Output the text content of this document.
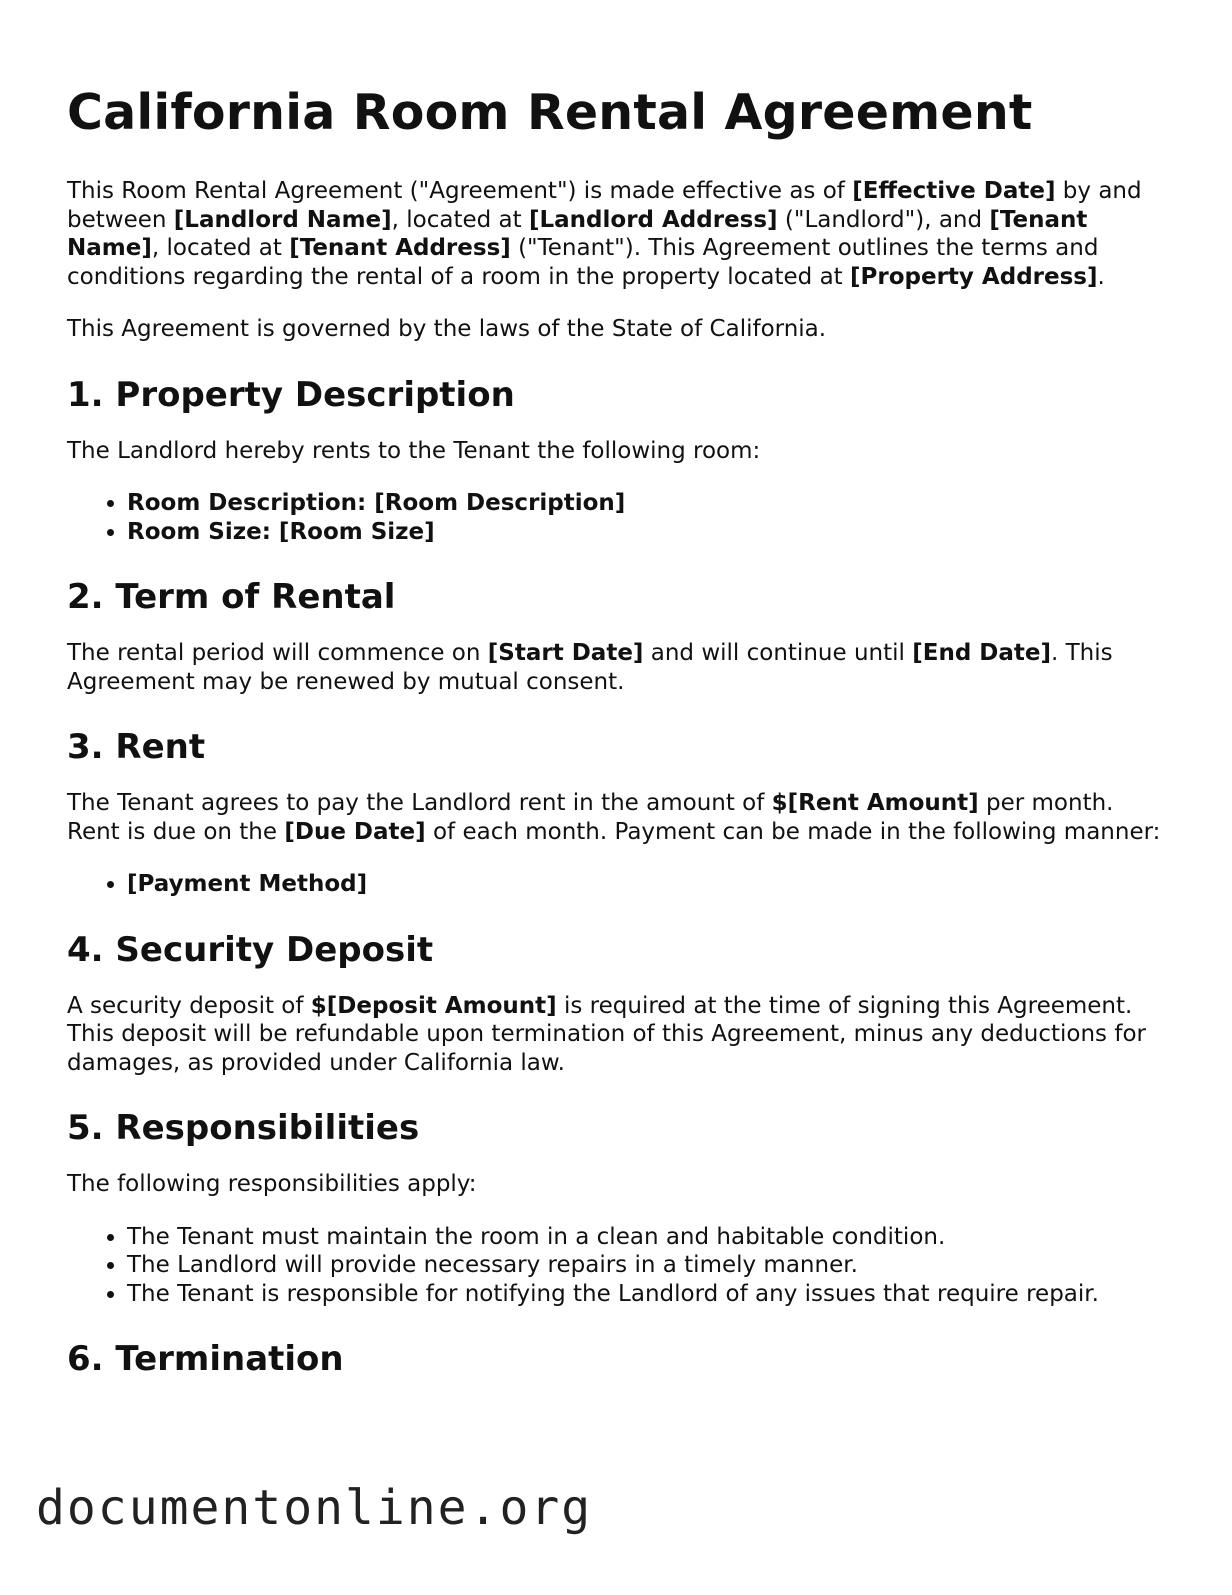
California Room Rental Agreement

This Room Rental Agreement ("Agreement") is made effective as of [Effective Date] by and between [Landlord Name], located at [Landlord Address] ("Landlord"), and [Tenant Name], located at [Tenant Address] ("Tenant"). This Agreement outlines the terms and conditions regarding the rental of a room in the property located at [Property Address].

This Agreement is governed by the laws of the State of California.

1. Property Description

The Landlord hereby rents to the Tenant the following room:

• Room Description: [Room Description]
• Room Size: [Room Size]
2. Term of Rental

The rental period will commence on [Start Date] and will continue until [End Date]. This Agreement may be renewed by mutual consent.

3. Rent

The Tenant agrees to pay the Landlord rent in the amount of $[Rent Amount] per month. Rent is due on the [Due Date] of each month. Payment can be made in the following manner:

• [Payment Method]
4. Security Deposit

A security deposit of $[Deposit Amount] is required at the time of signing this Agreement. This deposit will be refundable upon termination of this Agreement, minus any deductions for damages, as provided under California law.

5. Responsibilities

The following responsibilities apply:

• The Tenant must maintain the room in a clean and habitable condition.
• The Landlord will provide necessary repairs in a timely manner.
• The Tenant is responsible for notifying the Landlord of any issues that require repair.
6. Termination
documentonline.org
